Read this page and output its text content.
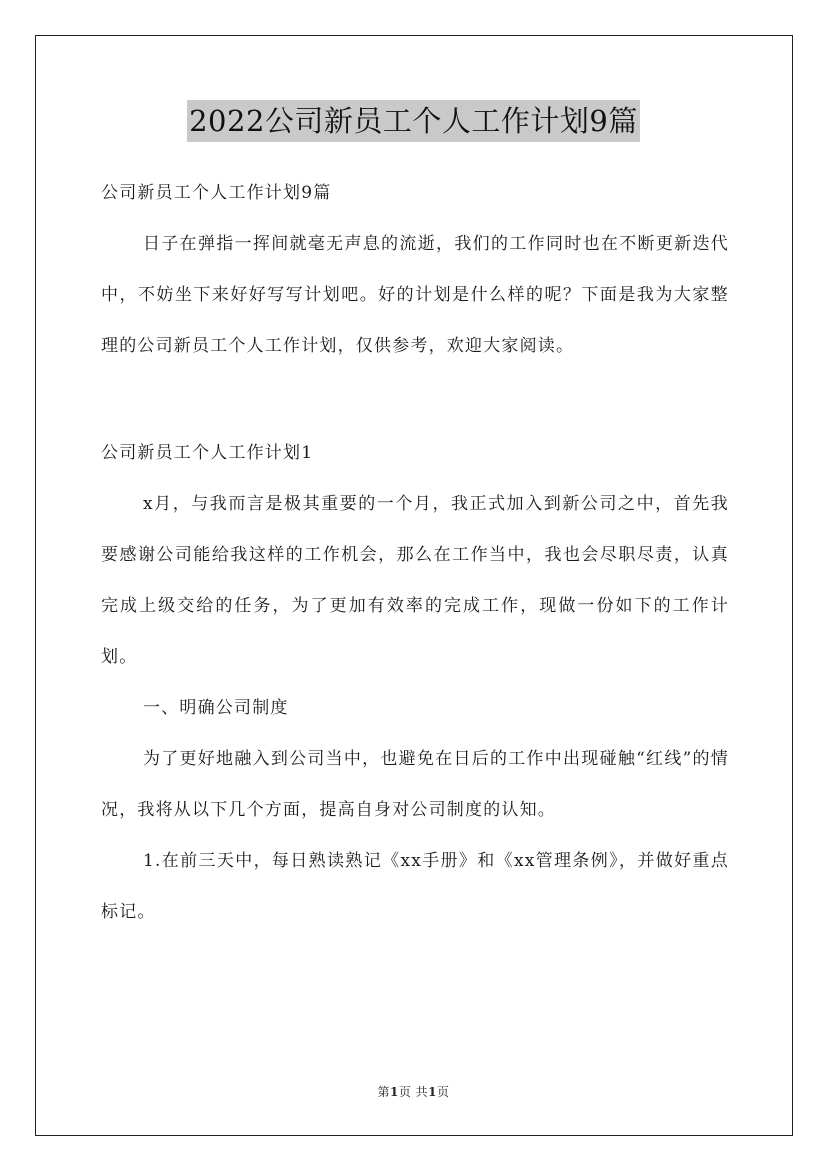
2022公司新员工个人工作计划9篇

公司新员工个人工作计划9篇

日子在弹指一挥间就毫无声息的流逝，我们的工作同时也在不断更新迭代中，不妨坐下来好好写写计划吧。好的计划是什么样的呢？下面是我为大家整理的公司新员工个人工作计划，仅供参考，欢迎大家阅读。

公司新员工个人工作计划1

x月，与我而言是极其重要的一个月，我正式加入到新公司之中，首先我要感谢公司能给我这样的工作机会，那么在工作当中，我也会尽职尽责，认真完成上级交给的任务，为了更加有效率的完成工作，现做一份如下的工作计划。

一、明确公司制度

为了更好地融入到公司当中，也避免在日后的工作中出现碰触“红线”的情况，我将从以下几个方面，提高自身对公司制度的认知。

1.在前三天中，每日熟读熟记《xx手册》和《xx管理条例》，并做好重点标记。

第1页 共1页
